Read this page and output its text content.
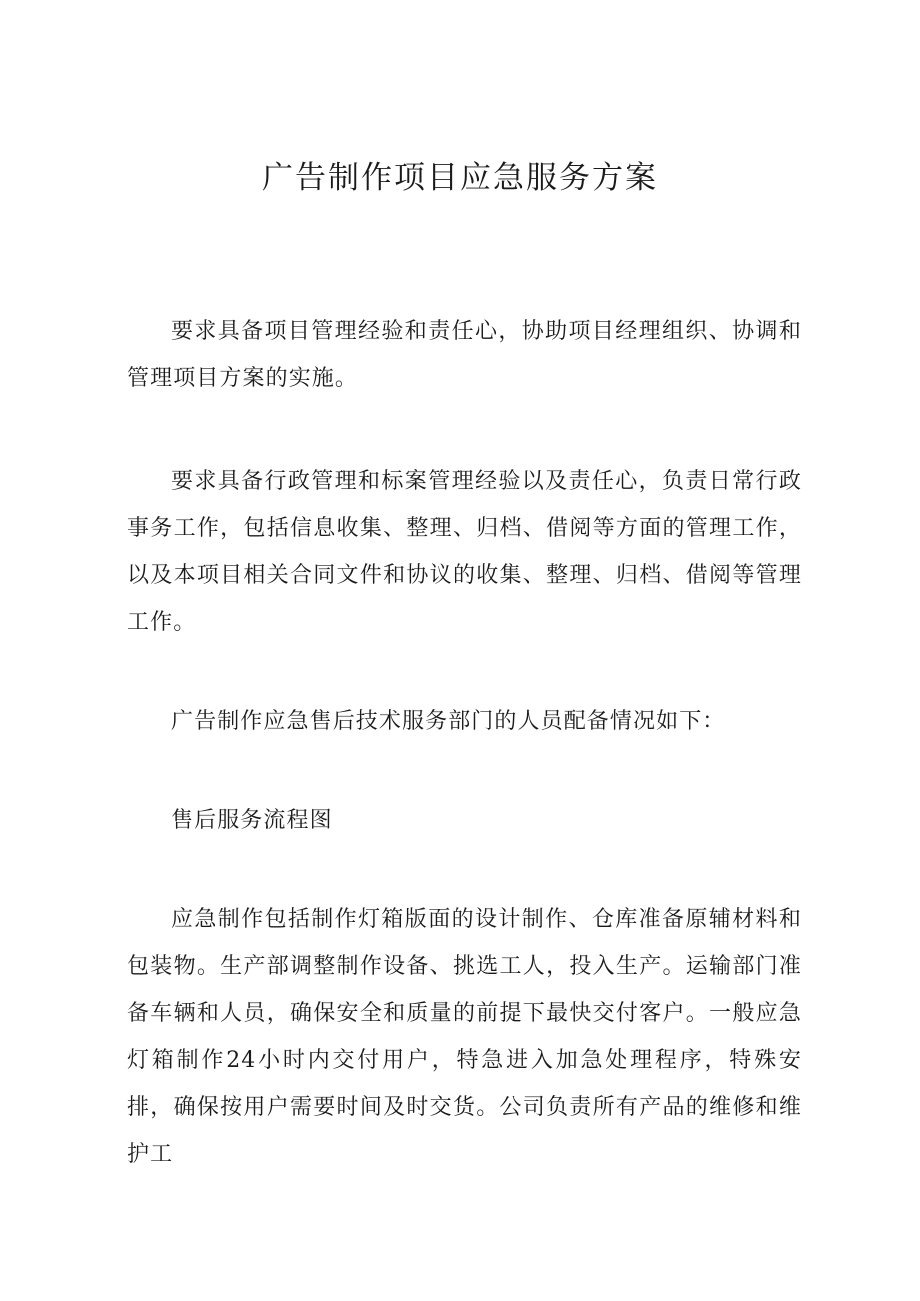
广告制作项目应急服务方案

要求具备项目管理经验和责任心，协助项目经理组织、协调和管理项目方案的实施。

要求具备行政管理和标案管理经验以及责任心，负责日常行政事务工作，包括信息收集、整理、归档、借阅等方面的管理工作，以及本项目相关合同文件和协议的收集、整理、归档、借阅等管理工作。

广告制作应急售后技术服务部门的人员配备情况如下：

售后服务流程图

应急制作包括制作灯箱版面的设计制作、仓库准备原辅材料和包装物。生产部调整制作设备、挑选工人，投入生产。运输部门准备车辆和人员，确保安全和质量的前提下最快交付客户。一般应急灯箱制作24小时内交付用户，特急进入加急处理程序，特殊安排，确保按用户需要时间及时交货。公司负责所有产品的维修和维护工
